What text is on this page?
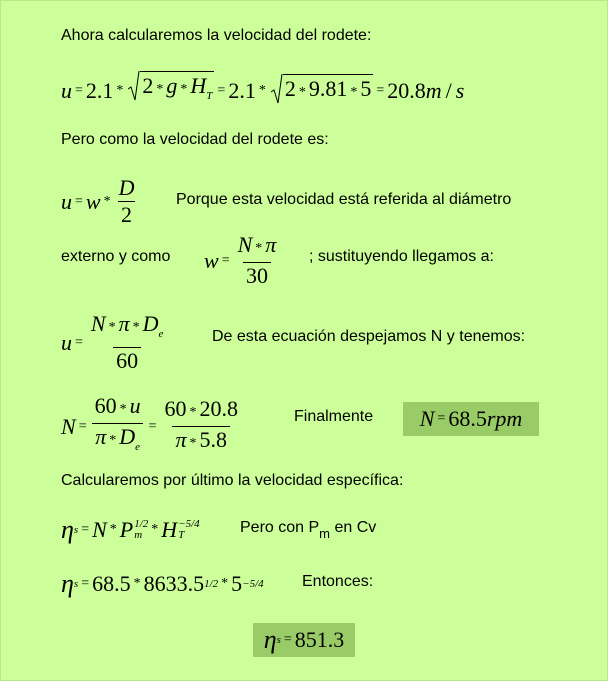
Ahora calcularemos la velocidad del rodete:
$u = 2.1 * 2 * g * H_T = 2.1 * 2 * 9.81 * 5 = 20.8$ m / s
Pero como la velocidad del rodete es:
$u = w * \frac{D}{2}$ Porque esta velocidad está referida al diámetro
externo y como $w = \frac{N * \pi}{30}$ ; sustituyendo llegamos a:
$u = \frac{N * \pi * D_e}{60}$	De esta ecuación despejamos N y tenemos:
$N = \frac{60 * u}{\pi * D_e} = \frac{60 * 20.8}{\pi * 5.8}$	Finalmente N = 68.5 rpm
Calcularemos por último la velocidad específica:
η s = N * P 1/2
m * H −5/4
T	Pero con $P_m$ en Cv
η s = 68.5 * 8633.5 1/2 * 5 −5/4 Entonces:
η s = 851.3
